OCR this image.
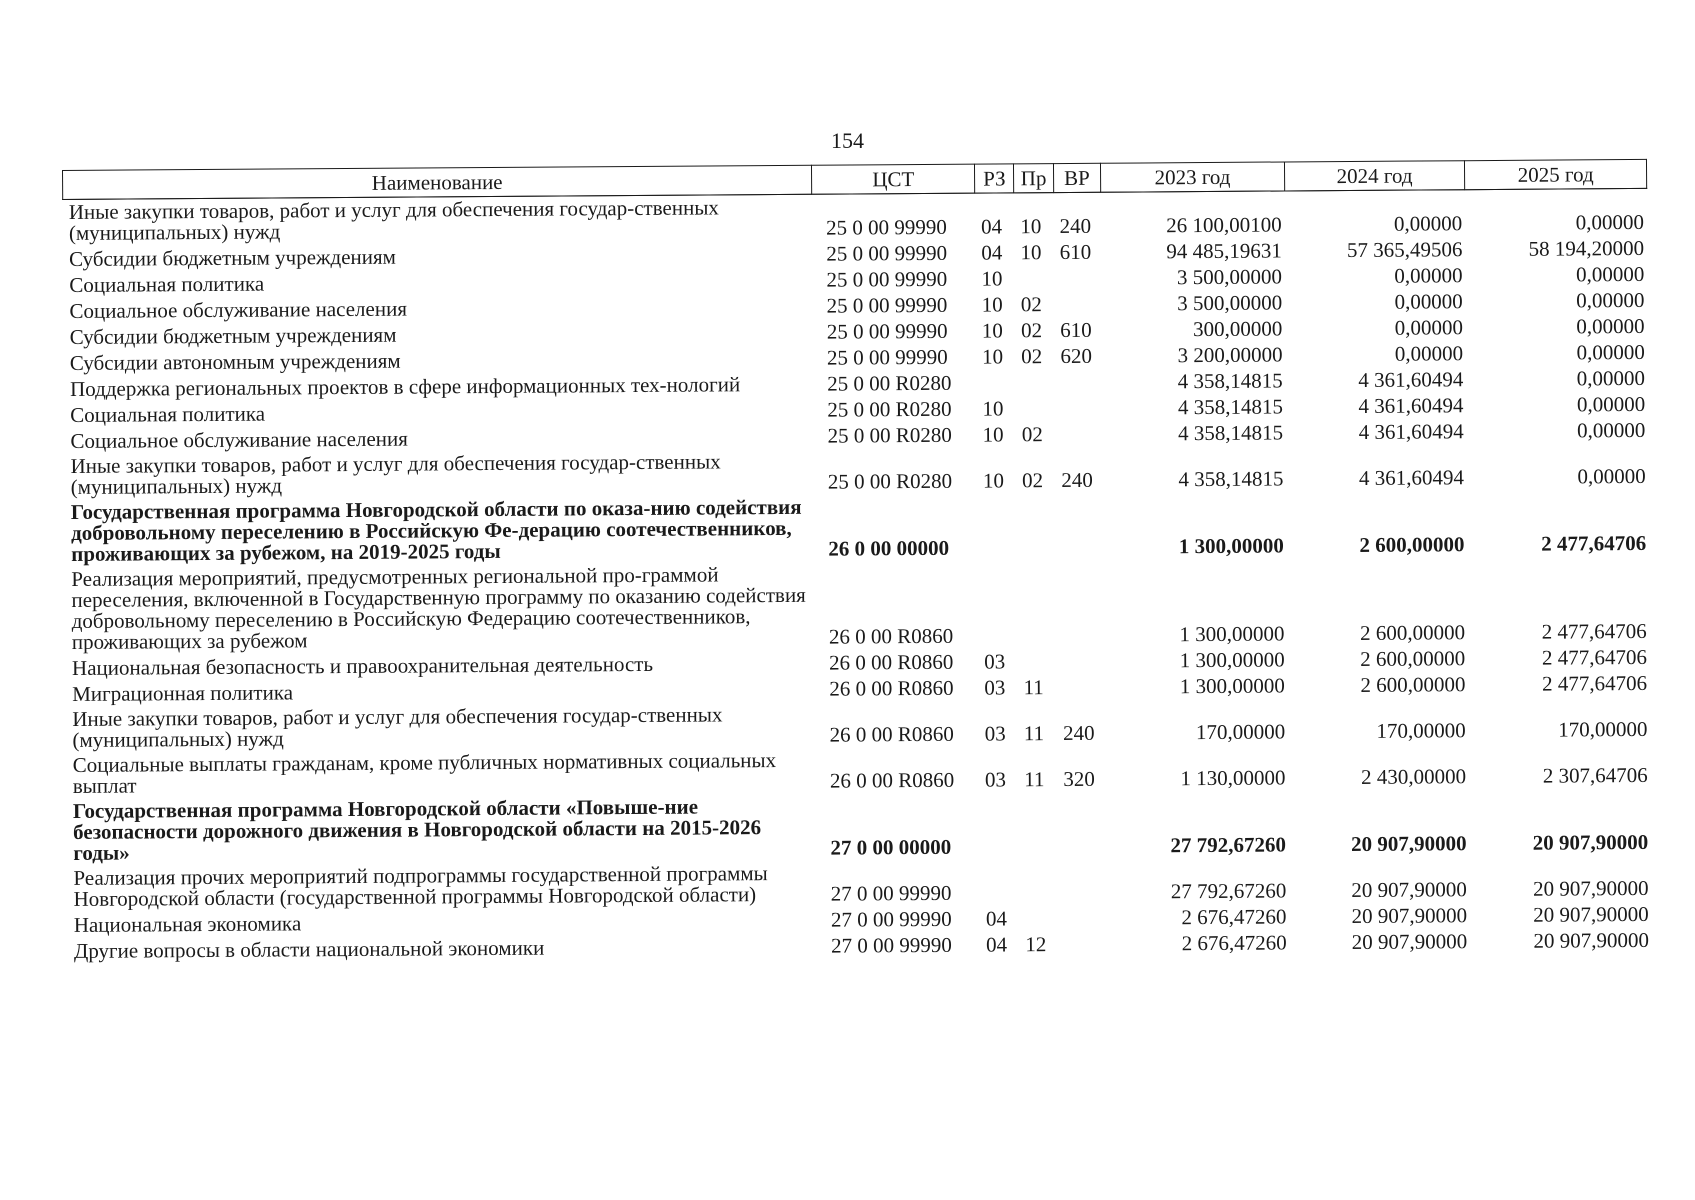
154
Наименование	ЦСТ	РЗ	Пр	ВР	2023 год	2024 год	2025 год
Иные закупки товаров, работ и услуг для обеспечения государ-ственных (муниципальных) нужд	25 0 00 99990	04	10	240	26 100,00100	0,00000	0,00000
Субсидии бюджетным учреждениям	25 0 00 99990	04	10	610	94 485,19631	57 365,49506	58 194,20000
Социальная политика	25 0 00 99990	10			3 500,00000	0,00000	0,00000
Социальное обслуживание населения	25 0 00 99990	10	02		3 500,00000	0,00000	0,00000
Субсидии бюджетным учреждениям	25 0 00 99990	10	02	610	300,00000	0,00000	0,00000
Субсидии автономным учреждениям	25 0 00 99990	10	02	620	3 200,00000	0,00000	0,00000
Поддержка региональных проектов в сфере информационных тех-нологий	25 0 00 R0280				4 358,14815	4 361,60494	0,00000
Социальная политика	25 0 00 R0280	10			4 358,14815	4 361,60494	0,00000
Социальное обслуживание населения	25 0 00 R0280	10	02		4 358,14815	4 361,60494	0,00000
Иные закупки товаров, работ и услуг для обеспечения государ-ственных (муниципальных) нужд	25 0 00 R0280	10	02	240	4 358,14815	4 361,60494	0,00000
Государственная программа Новгородской области по оказа-нию содействия добровольному переселению в Российскую Фе-дерацию соотечественников, проживающих за рубежом, на 2019-2025 годы	26 0 00 00000				1 300,00000	2 600,00000	2 477,64706
Реализация мероприятий, предусмотренных региональной про-граммой переселения, включенной в Государственную программу по оказанию содействия добровольному переселению в Российскую Федерацию соотечественников, проживающих за рубежом	26 0 00 R0860				1 300,00000	2 600,00000	2 477,64706
Национальная безопасность и правоохранительная деятельность	26 0 00 R0860	03			1 300,00000	2 600,00000	2 477,64706
Миграционная политика	26 0 00 R0860	03	11		1 300,00000	2 600,00000	2 477,64706
Иные закупки товаров, работ и услуг для обеспечения государ-ственных (муниципальных) нужд	26 0 00 R0860	03	11	240	170,00000	170,00000	170,00000
Социальные выплаты гражданам, кроме публичных нормативных социальных выплат	26 0 00 R0860	03	11	320	1 130,00000	2 430,00000	2 307,64706
Государственная программа Новгородской области «Повыше-ние безопасности дорожного движения в Новгородской области на 2015-2026 годы»	27 0 00 00000				27 792,67260	20 907,90000	20 907,90000
Реализация прочих мероприятий подпрограммы государственной программы Новгородской области (государственной программы Новгородской области)	27 0 00 99990				27 792,67260	20 907,90000	20 907,90000
Национальная экономика	27 0 00 99990	04			2 676,47260	20 907,90000	20 907,90000
Другие вопросы в области национальной экономики	27 0 00 99990	04	12		2 676,47260	20 907,90000	20 907,90000
